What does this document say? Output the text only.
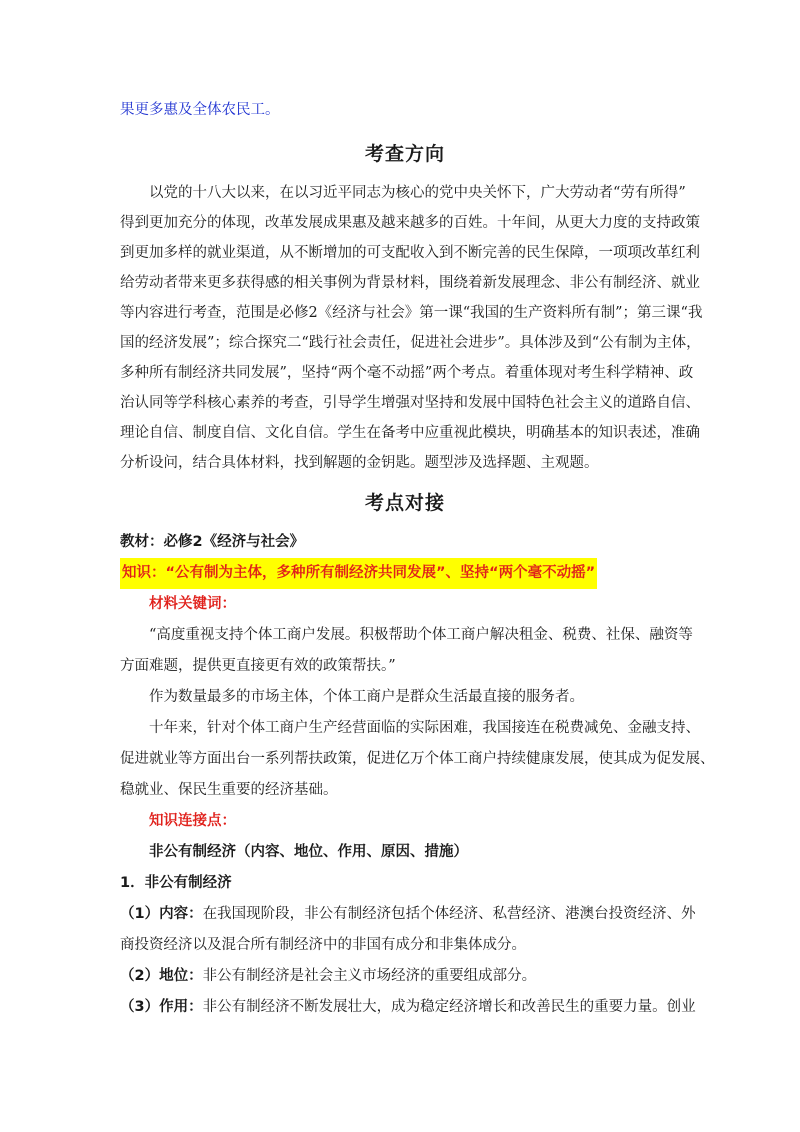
果更多惠及全体农民工。
考查方向
以党的十八大以来，在以习近平同志为核心的党中央关怀下，广大劳动者“劳有所得”
得到更加充分的体现，改革发展成果惠及越来越多的百姓。十年间，从更大力度的支持政策
到更加多样的就业渠道，从不断增加的可支配收入到不断完善的民生保障，一项项改革红利
给劳动者带来更多获得感的相关事例为背景材料，围绕着新发展理念、非公有制经济、就业
等内容进行考查，范围是必修2《经济与社会》第一课“我国的生产资料所有制”；第三课“我
国的经济发展”；综合探究二“践行社会责任，促进社会进步”。具体涉及到“公有制为主体，
多种所有制经济共同发展”，坚持“两个毫不动摇”两个考点。着重体现对考生科学精神、政
治认同等学科核心素养的考查，引导学生增强对坚持和发展中国特色社会主义的道路自信、
理论自信、制度自信、文化自信。学生在备考中应重视此模块，明确基本的知识表述，准确
分析设问，结合具体材料，找到解题的金钥匙。题型涉及选择题、主观题。
考点对接
教材：必修2《经济与社会》
知识：“公有制为主体，多种所有制经济共同发展”、坚持“两个毫不动摇”
材料关键词：
“高度重视支持个体工商户发展。积极帮助个体工商户解决租金、税费、社保、融资等
方面难题，提供更直接更有效的政策帮扶。”
作为数量最多的市场主体，个体工商户是群众生活最直接的服务者。
十年来，针对个体工商户生产经营面临的实际困难，我国接连在税费减免、金融支持、
促进就业等方面出台一系列帮扶政策，促进亿万个体工商户持续健康发展，使其成为促发展、
稳就业、保民生重要的经济基础。
知识连接点：
非公有制经济（内容、地位、作用、原因、措施）
1．非公有制经济
（1）内容：在我国现阶段，非公有制经济包括个体经济、私营经济、港澳台投资经济、外
商投资经济以及混合所有制经济中的非国有成分和非集体成分。
（2）地位：非公有制经济是社会主义市场经济的重要组成部分。
（3）作用：非公有制经济不断发展壮大，成为稳定经济增长和改善民生的重要力量。创业
